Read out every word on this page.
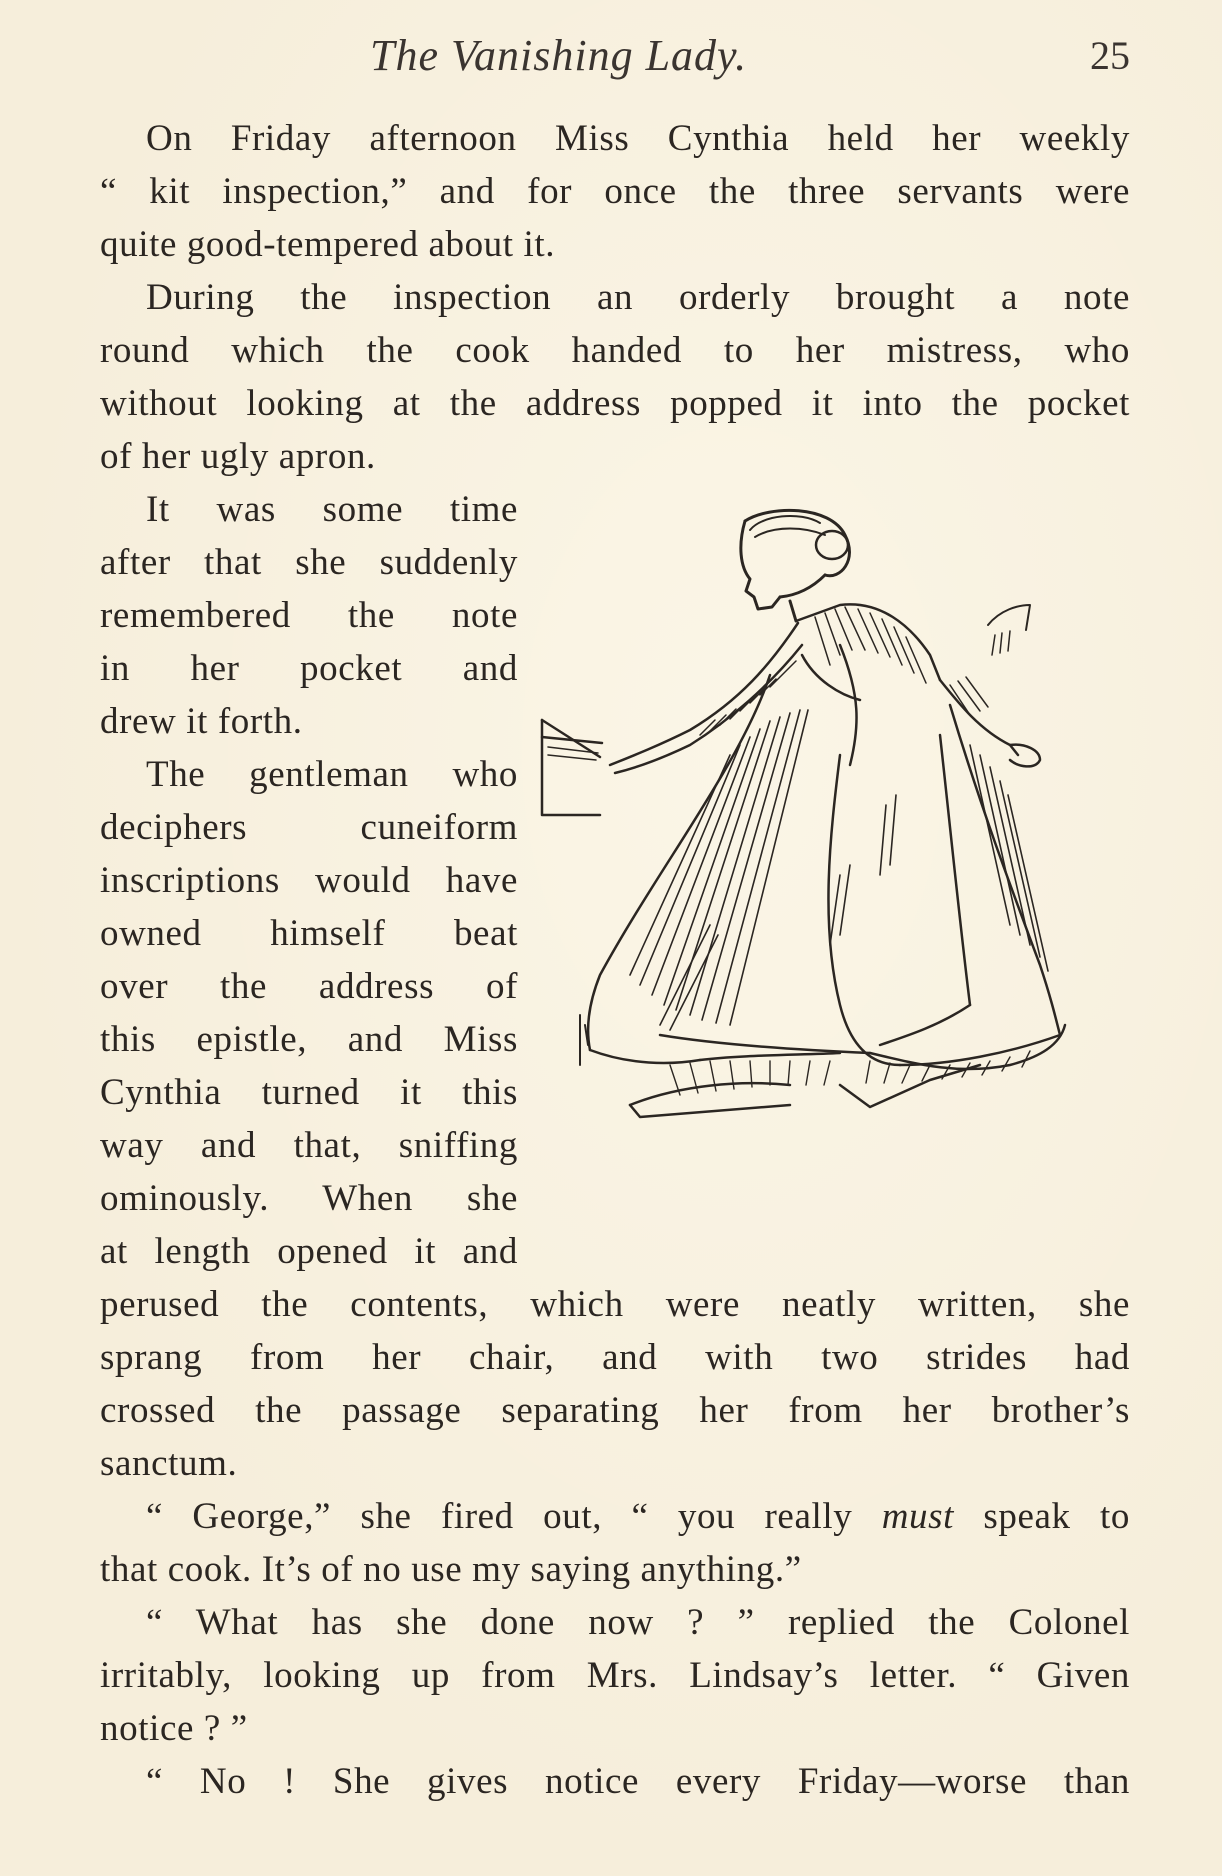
The Vanishing Lady.	25
On Friday afternoon Miss Cynthia held her weekly
“ kit inspection,” and for once the three servants were
quite good-tempered about it.
During the inspection an orderly brought a note
round which the cook handed to her mistress, who
without looking at the address popped it into the pocket
of her ugly apron.
It was some time
after that she suddenly
remembered the note
in her pocket and
drew it forth.
The gentleman who
deciphers cuneiform
inscriptions would have
owned himself beat
over the address of
this epistle, and Miss
Cynthia turned it this
way and that, sniffing
ominously. When she
at length opened it and
perused the contents, which were neatly written, she
sprang from her chair, and with two strides had
crossed the passage separating her from her brother’s
sanctum.
“ George,” she fired out, “ you really must speak to
that cook. It’s of no use my saying anything.”
“ What has she done now ? ” replied the Colonel
irritably, looking up from Mrs. Lindsay’s letter. “ Given
notice ? ”
“ No ! She gives notice every Friday—worse than
